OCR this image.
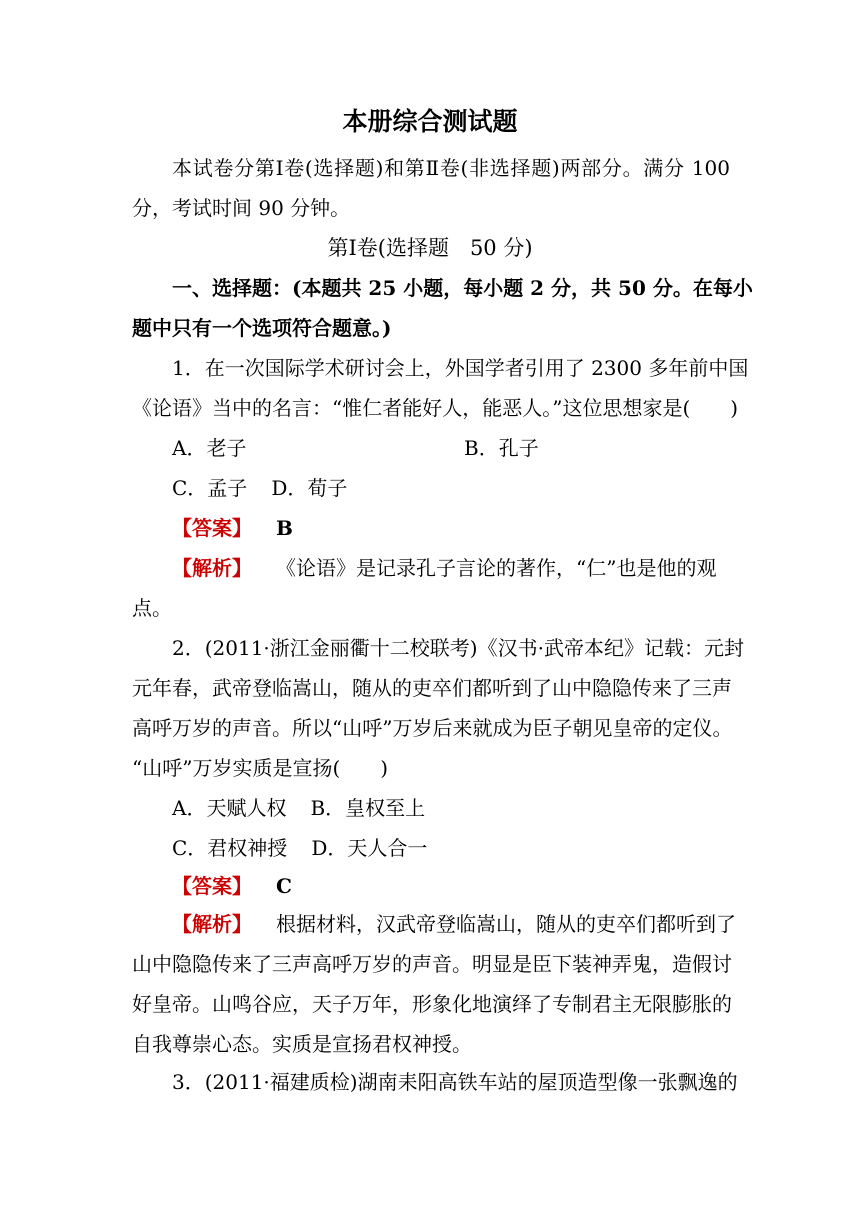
本册综合测试题
本试卷分第Ⅰ卷(选择题)和第Ⅱ卷(非选择题)两部分。满分 100
分，考试时间 90 分钟。
第Ⅰ卷(选择题　50 分)
一、选择题：(本题共 25 小题，每小题 2 分，共 50 分。在每小
题中只有一个选项符合题意。)
1．在一次国际学术研讨会上，外国学者引用了 2300 多年前中国
《论语》当中的名言：“惟仁者能好人，能恶人。”这位思想家是(　　)
A．老子	B．孔子
C．孟子 D．荀子
【答案】 B
【解析】 《论语》是记录孔子言论的著作，“仁”也是他的观
点。
2．(2011·浙江金丽衢十二校联考)《汉书·武帝本纪》记载：元封
元年春，武帝登临嵩山，随从的吏卒们都听到了山中隐隐传来了三声
高呼万岁的声音。所以“山呼”万岁后来就成为臣子朝见皇帝的定仪。
“山呼”万岁实质是宣扬(　　)
A．天赋人权 B．皇权至上
C．君权神授 D．天人合一
【答案】 C
【解析】 根据材料，汉武帝登临嵩山，随从的吏卒们都听到了
山中隐隐传来了三声高呼万岁的声音。明显是臣下装神弄鬼，造假讨
好皇帝。山鸣谷应，天子万年，形象化地演绎了专制君主无限膨胀的
自我尊崇心态。实质是宣扬君权神授。
3．(2011·福建质检)湖南耒阳高铁车站的屋顶造型像一张飘逸的
